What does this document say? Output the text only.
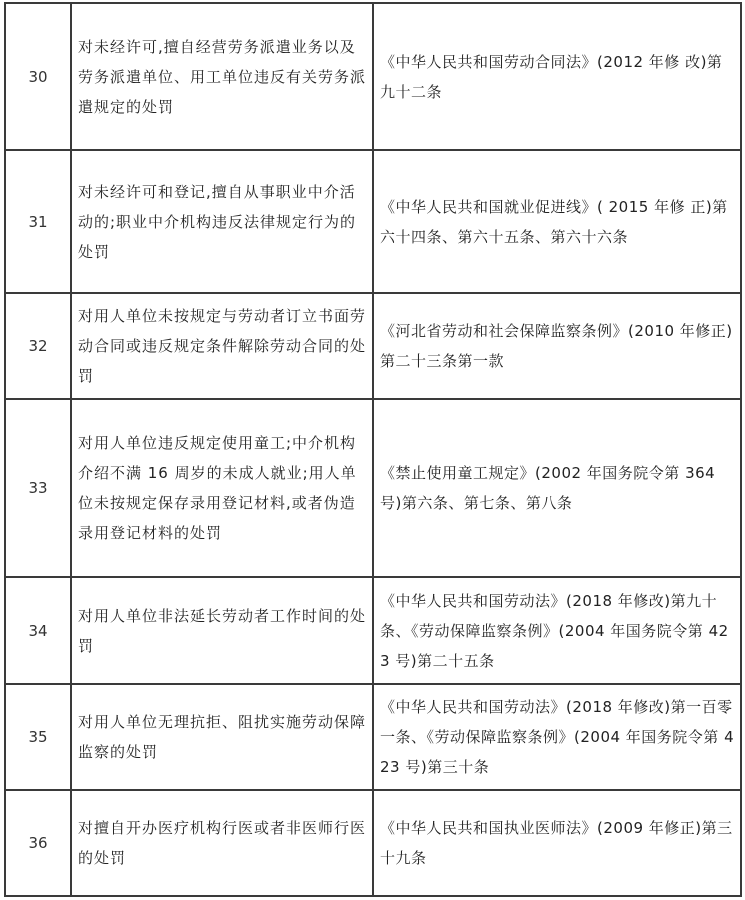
30	对未经许可,擅自经营劳务派遣业务以及劳务派遣单位、用工单位违反有关劳务派遣规定的处罚	《中华人民共和国劳动合同法》(2012 年修 改)第九十二条
31	对未经许可和登记,擅自从事职业中介活动的;职业中介机构违反法律规定行为的处罚	《中华人民共和国就业促进线》( 2015 年修 正)第六十四条、第六十五条、第六十六条
32	对用人单位未按规定与劳动者订立书面劳动合同或违反规定条件解除劳动合同的处罚	《河北省劳动和社会保障监察条例》(2010 年修正)第二十三条第一款
33	对用人单位违反规定使用童工;中介机构介绍不满 16 周岁的未成人就业;用人单位未按规定保存录用登记材料,或者伪造录用登记材料的处罚	《禁止使用童工规定》(2002 年国务院令第 364 号)第六条、第七条、第八条
34	对用人单位非法延长劳动者工作时间的处罚	《中华人民共和国劳动法》(2018 年修改)第九十条、《劳动保障监察条例》(2004 年国务院令第 423 号)第二十五条
35	对用人单位无理抗拒、阻扰实施劳动保障监察的处罚	《中华人民共和国劳动法》(2018 年修改)第一百零一条、《劳动保障监察条例》(2004 年国务院令第 423 号)第三十条
36	对擅自开办医疗机构行医或者非医师行医的处罚	《中华人民共和国执业医师法》(2009 年修正)第三十九条
